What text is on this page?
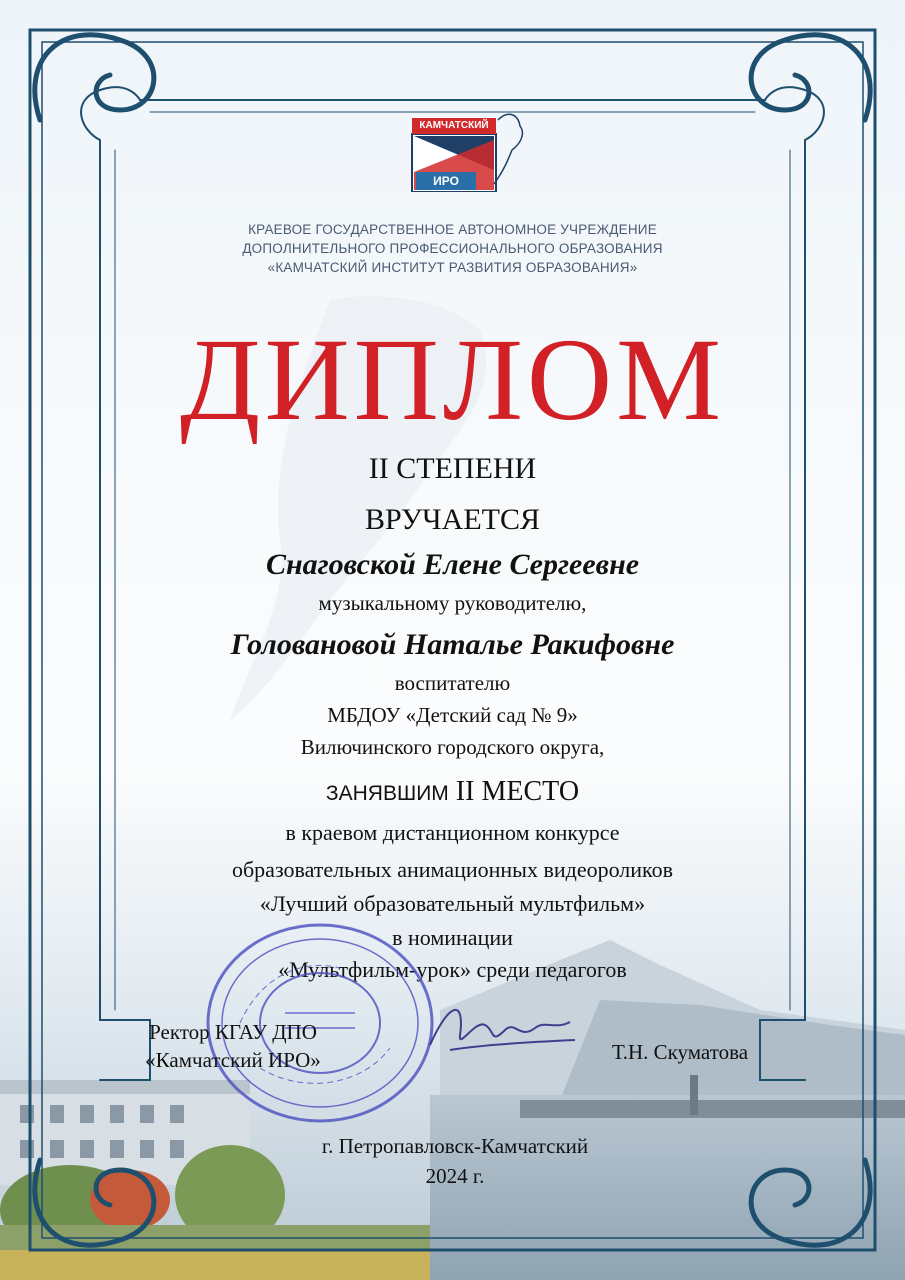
КАМЧАТСКИЙ
ИРО
КРАЕВОЕ ГОСУДАРСТВЕННОЕ АВТОНОМНОЕ УЧРЕЖДЕНИЕ
ДОПОЛНИТЕЛЬНОГО ПРОФЕССИОНАЛЬНОГО ОБРАЗОВАНИЯ
«КАМЧАТСКИЙ ИНСТИТУТ РАЗВИТИЯ ОБРАЗОВАНИЯ»
ДИПЛОМ
II СТЕПЕНИ
ВРУЧАЕТСЯ
Снаговской Елене Сергеевне
музыкальному руководителю,
Головановой Наталье Ракифовне
воспитателю
МБДОУ «Детский сад № 9»
Вилючинского городского округа,
ЗАНЯВШИМ II МЕСТО
в краевом дистанционном конкурсе
образовательных анимационных видеороликов
«Лучший образовательный мультфильм»
в номинации
«Мультфильм-урок» среди педагогов
Ректор КГАУ ДПО
«Камчатский ИРО»	Т.Н. Скуматова
г. Петропавловск-Камчатский
2024 г.
